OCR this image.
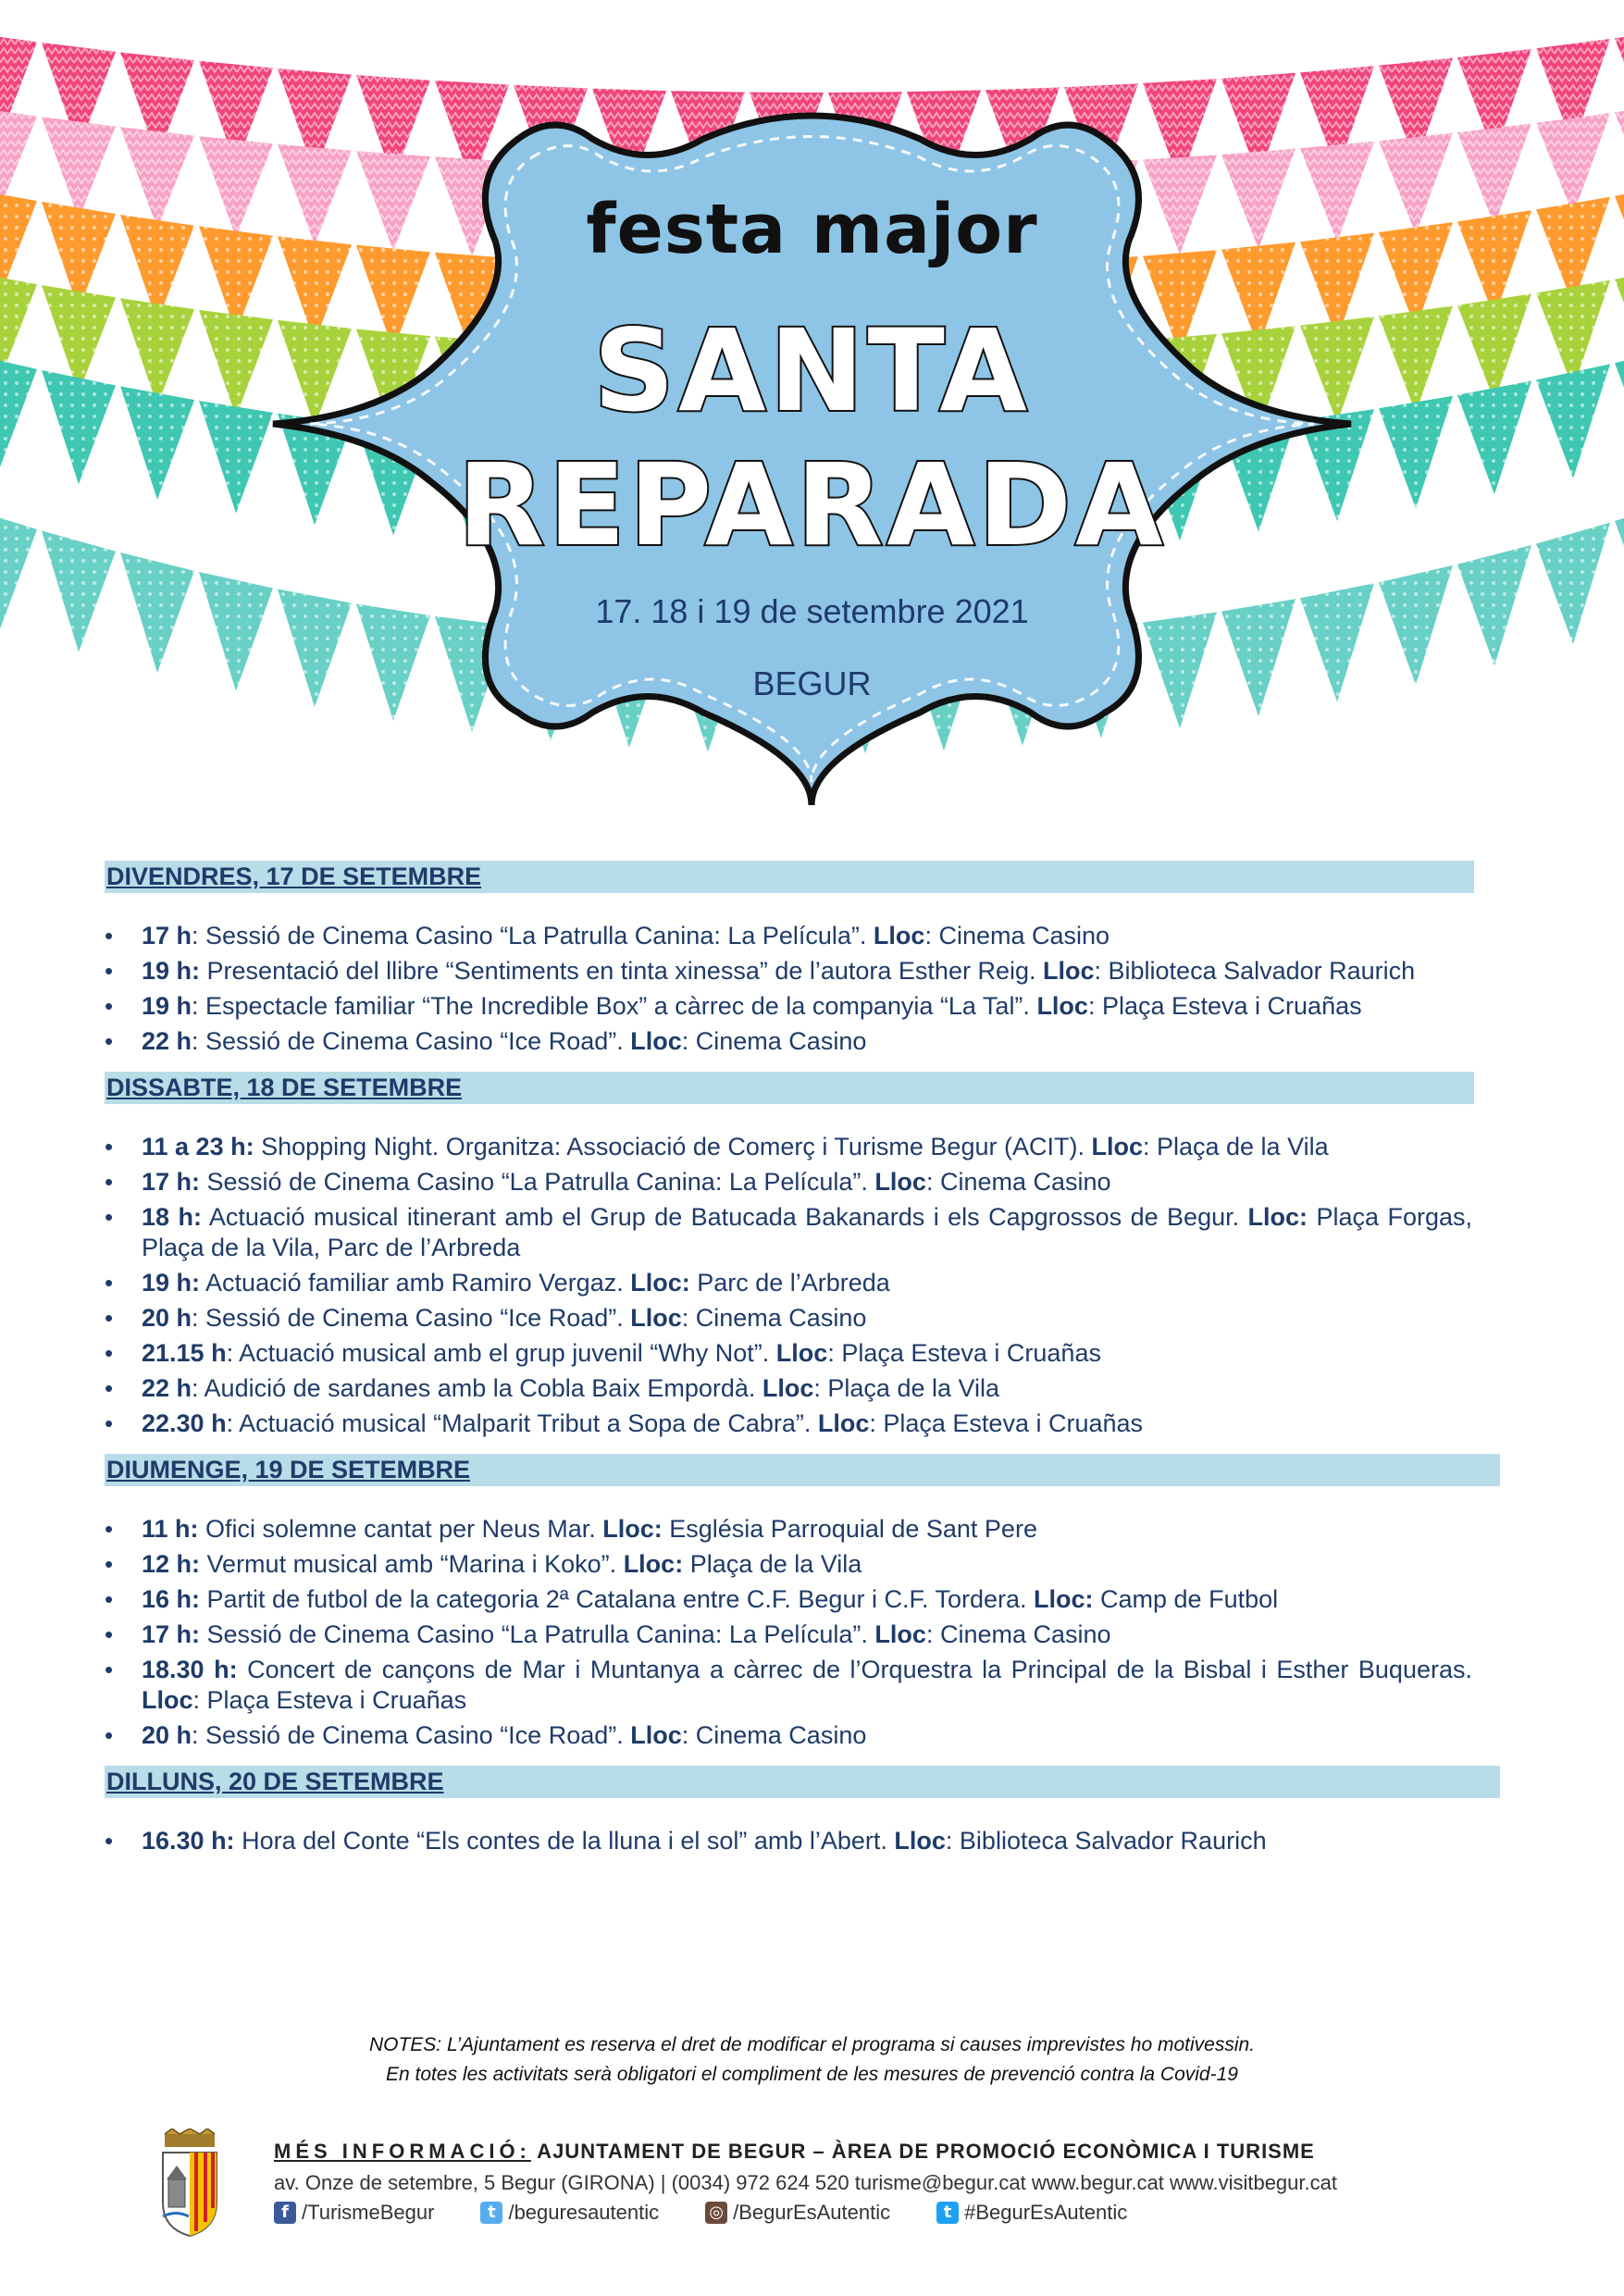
festa major
SANTA
REPARADA
17. 18 i 19 de setembre 2021
BEGUR
DIVENDRES, 17 DE SETEMBRE
• 17 h: Sessió de Cinema Casino “La Patrulla Canina: La Película”. Lloc: Cinema Casino
• 19 h: Presentació del llibre “Sentiments en tinta xinessa” de l’autora Esther Reig. Lloc: Biblioteca Salvador Raurich
• 19 h: Espectacle familiar “The Incredible Box” a càrrec de la companyia “La Tal”. Lloc: Plaça Esteva i Cruañas
• 22 h: Sessió de Cinema Casino “Ice Road”. Lloc: Cinema Casino
DISSABTE, 18 DE SETEMBRE
• 11 a 23 h: Shopping Night. Organitza: Associació de Comerç i Turisme Begur (ACIT). Lloc: Plaça de la Vila
• 17 h: Sessió de Cinema Casino “La Patrulla Canina: La Película”. Lloc: Cinema Casino
• 18 h: Actuació musical itinerant amb el Grup de Batucada Bakanards i els Capgrossos de Begur. Lloc: Plaça Forgas, Plaça de la Vila, Parc de l’Arbreda
• 19 h: Actuació familiar amb Ramiro Vergaz. Lloc: Parc de l’Arbreda
• 20 h: Sessió de Cinema Casino “Ice Road”. Lloc: Cinema Casino
• 21.15 h: Actuació musical amb el grup juvenil “Why Not”. Lloc: Plaça Esteva i Cruañas
• 22 h: Audició de sardanes amb la Cobla Baix Empordà. Lloc: Plaça de la Vila
• 22.30 h: Actuació musical “Malparit Tribut a Sopa de Cabra”. Lloc: Plaça Esteva i Cruañas
DIUMENGE, 19 DE SETEMBRE
• 11 h: Ofici solemne cantat per Neus Mar. Lloc: Església Parroquial de Sant Pere
• 12 h: Vermut musical amb “Marina i Koko”. Lloc: Plaça de la Vila
• 16 h: Partit de futbol de la categoria 2ª Catalana entre C.F. Begur i C.F. Tordera. Lloc: Camp de Futbol
• 17 h: Sessió de Cinema Casino “La Patrulla Canina: La Película”. Lloc: Cinema Casino
• 18.30 h: Concert de cançons de Mar i Muntanya a càrrec de l’Orquestra la Principal de la Bisbal i Esther Buqueras. Lloc: Plaça Esteva i Cruañas
• 20 h: Sessió de Cinema Casino “Ice Road”. Lloc: Cinema Casino
DILLUNS, 20 DE SETEMBRE
• 16.30 h: Hora del Conte “Els contes de la lluna i el sol” amb l’Abert. Lloc: Biblioteca Salvador Raurich
NOTES: L’Ajuntament es reserva el dret de modificar el programa si causes imprevistes ho motivessin.
En totes les activitats serà obligatori el compliment de les mesures de prevenció contra la Covid-19
MÉS INFORMACIÓ: AJUNTAMENT DE BEGUR – ÀREA DE PROMOCIÓ ECONÒMICA I TURISME
av. Onze de setembre, 5 Begur (GIRONA) | (0034) 972 624 520 turisme@begur.cat www.begur.cat www.visitbegur.cat
f /TurismeBegur	t /beguresautentic	◎ /BegurEsAutentic	t #BegurEsAutentic
